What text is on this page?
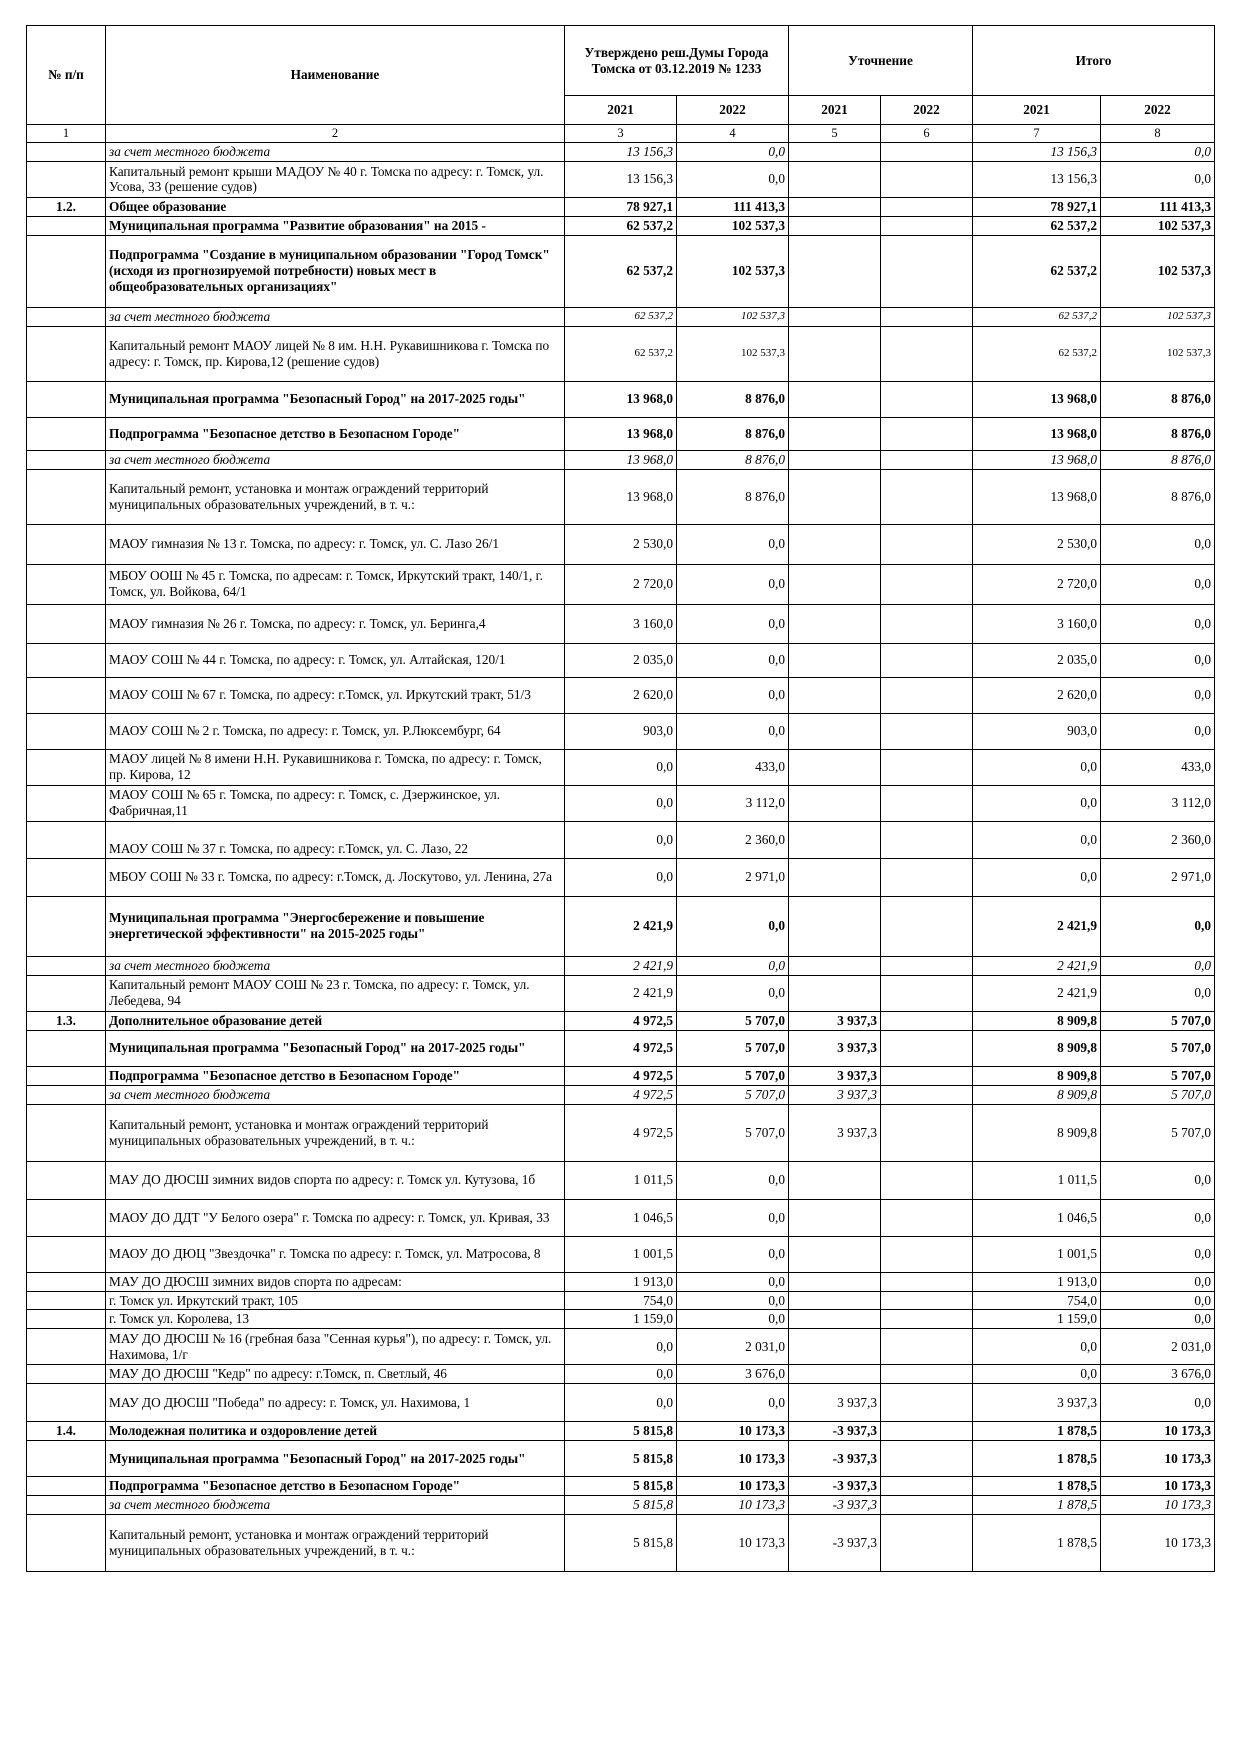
№ п/п	Наименование	Утверждено реш.Думы Города Томска от 03.12.2019 № 1233		Уточнение		Итого	
		2021	2022	2021	2022	2021	2022
1	2	3	4	5	6	7	8
	за счет местного бюджета	13 156,3	0,0			13 156,3	0,0
	Капитальный ремонт крыши МАДОУ № 40 г. Томска по адресу: г. Томск, ул. Усова, 33 (решение судов)	13 156,3	0,0			13 156,3	0,0
1.2.	Общее образование	78 927,1	111 413,3			78 927,1	111 413,3
	Муниципальная программа "Развитие образования" на 2015 -	62 537,2	102 537,3			62 537,2	102 537,3
	Подпрограмма "Создание в муниципальном образовании "Город Томск" (исходя из прогнозируемой потребности) новых мест в общеобразовательных организациях"	62 537,2	102 537,3			62 537,2	102 537,3
	за счет местного бюджета	62 537,2	102 537,3			62 537,2	102 537,3
	Капитальный ремонт МАОУ лицей № 8 им. Н.Н. Рукавишникова г. Томска по адресу: г. Томск, пр. Кирова,12 (решение судов)	62 537,2	102 537,3			62 537,2	102 537,3
	Муниципальная программа "Безопасный Город" на 2017-2025 годы"	13 968,0	8 876,0			13 968,0	8 876,0
	Подпрограмма "Безопасное детство в Безопасном Городе"	13 968,0	8 876,0			13 968,0	8 876,0
	за счет местного бюджета	13 968,0	8 876,0			13 968,0	8 876,0
	Капитальный ремонт, установка и монтаж ограждений территорий муниципальных образовательных учреждений, в т. ч.:	13 968,0	8 876,0			13 968,0	8 876,0
	МАОУ гимназия № 13 г. Томска, по адресу: г. Томск, ул. С. Лазо 26/1	2 530,0	0,0			2 530,0	0,0
	МБОУ ООШ № 45 г. Томска, по адресам: г. Томск, Иркутский тракт, 140/1, г. Томск, ул. Войкова, 64/1	2 720,0	0,0			2 720,0	0,0
	МАОУ гимназия № 26 г. Томска, по адресу: г. Томск, ул. Беринга,4	3 160,0	0,0			3 160,0	0,0
	МАОУ СОШ № 44 г. Томска, по адресу: г. Томск, ул. Алтайская, 120/1	2 035,0	0,0			2 035,0	0,0
	МАОУ СОШ № 67 г. Томска, по адресу: г.Томск, ул. Иркутский тракт, 51/3	2 620,0	0,0			2 620,0	0,0
	МАОУ СОШ № 2 г. Томска, по адресу: г. Томск, ул. Р.Люксембург, 64	903,0	0,0			903,0	0,0
	МАОУ лицей № 8 имени Н.Н. Рукавишникова г. Томска, по адресу: г. Томск, пр. Кирова, 12	0,0	433,0			0,0	433,0
	МАОУ СОШ № 65 г. Томска, по адресу: г. Томск, с. Дзержинское, ул. Фабричная,11	0,0	3 112,0			0,0	3 112,0
	МАОУ СОШ № 37 г. Томска, по адресу: г.Томск, ул. С. Лазо, 22	0,0	2 360,0			0,0	2 360,0
	МБОУ СОШ № 33 г. Томска, по адресу: г.Томск, д. Лоскутово, ул. Ленина, 27а	0,0	2 971,0			0,0	2 971,0
	Муниципальная программа "Энергосбережение и повышение энергетической эффективности" на 2015-2025 годы"	2 421,9	0,0			2 421,9	0,0
	за счет местного бюджета	2 421,9	0,0			2 421,9	0,0
	Капитальный ремонт МАОУ СОШ № 23 г. Томска, по адресу: г. Томск, ул. Лебедева, 94	2 421,9	0,0			2 421,9	0,0
1.3.	Дополнительное образование детей	4 972,5	5 707,0	3 937,3		8 909,8	5 707,0
	Муниципальная программа "Безопасный Город" на 2017-2025 годы"	4 972,5	5 707,0	3 937,3		8 909,8	5 707,0
	Подпрограмма "Безопасное детство в Безопасном Городе"	4 972,5	5 707,0	3 937,3		8 909,8	5 707,0
	за счет местного бюджета	4 972,5	5 707,0	3 937,3		8 909,8	5 707,0
	Капитальный ремонт, установка и монтаж ограждений территорий муниципальных образовательных учреждений, в т. ч.:	4 972,5	5 707,0	3 937,3		8 909,8	5 707,0
	МАУ ДО ДЮСШ зимних видов спорта по адресу: г. Томск ул. Кутузова, 1б	1 011,5	0,0			1 011,5	0,0
	МАОУ ДО ДДТ "У Белого озера" г. Томска по адресу: г. Томск, ул. Кривая, 33	1 046,5	0,0			1 046,5	0,0
	МАОУ ДО ДЮЦ "Звездочка" г. Томска по адресу: г. Томск, ул. Матросова, 8	1 001,5	0,0			1 001,5	0,0
	МАУ ДО ДЮСШ зимних видов спорта по адресам:	1 913,0	0,0			1 913,0	0,0
	г. Томск ул. Иркутский тракт, 105	754,0	0,0			754,0	0,0
	г. Томск ул. Королева, 13	1 159,0	0,0			1 159,0	0,0
	МАУ ДО ДЮСШ № 16 (гребная база "Сенная курья"), по адресу: г. Томск, ул. Нахимова, 1/г	0,0	2 031,0			0,0	2 031,0
	МАУ ДО ДЮСШ "Кедр" по адресу: г.Томск, п. Светлый, 46	0,0	3 676,0			0,0	3 676,0
	МАУ ДО ДЮСШ "Победа" по адресу: г. Томск, ул. Нахимова, 1	0,0	0,0	3 937,3		3 937,3	0,0
1.4.	Молодежная политика и оздоровление детей	5 815,8	10 173,3	-3 937,3		1 878,5	10 173,3
	Муниципальная программа "Безопасный Город" на 2017-2025 годы"	5 815,8	10 173,3	-3 937,3		1 878,5	10 173,3
	Подпрограмма "Безопасное детство в Безопасном Городе"	5 815,8	10 173,3	-3 937,3		1 878,5	10 173,3
	за счет местного бюджета	5 815,8	10 173,3	-3 937,3		1 878,5	10 173,3
	Капитальный ремонт, установка и монтаж ограждений территорий муниципальных образовательных учреждений, в т. ч.:	5 815,8	10 173,3	-3 937,3		1 878,5	10 173,3
